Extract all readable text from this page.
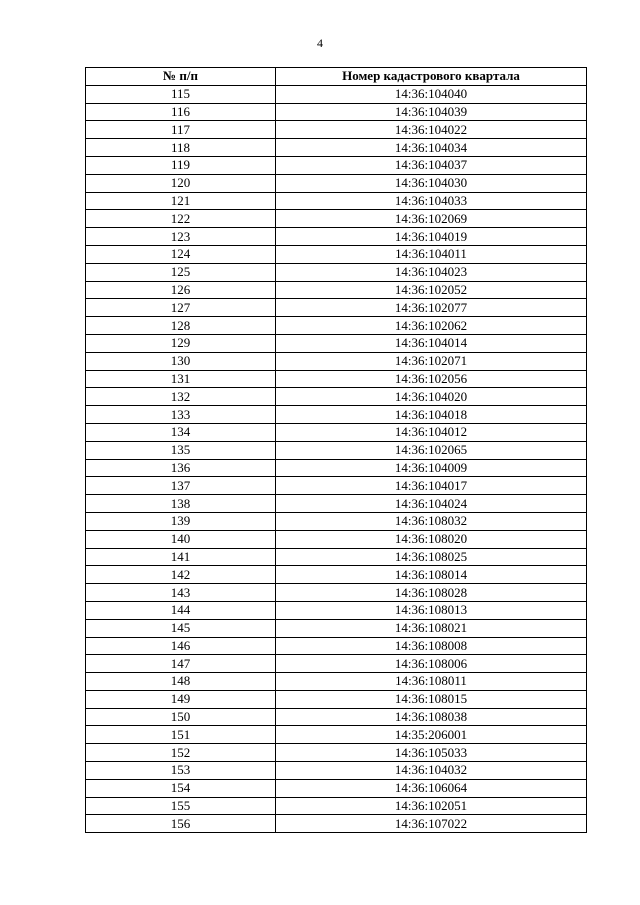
4
№ п/п	Номер кадастрового квартала
115	14:36:104040
116	14:36:104039
117	14:36:104022
118	14:36:104034
119	14:36:104037
120	14:36:104030
121	14:36:104033
122	14:36:102069
123	14:36:104019
124	14:36:104011
125	14:36:104023
126	14:36:102052
127	14:36:102077
128	14:36:102062
129	14:36:104014
130	14:36:102071
131	14:36:102056
132	14:36:104020
133	14:36:104018
134	14:36:104012
135	14:36:102065
136	14:36:104009
137	14:36:104017
138	14:36:104024
139	14:36:108032
140	14:36:108020
141	14:36:108025
142	14:36:108014
143	14:36:108028
144	14:36:108013
145	14:36:108021
146	14:36:108008
147	14:36:108006
148	14:36:108011
149	14:36:108015
150	14:36:108038
151	14:35:206001
152	14:36:105033
153	14:36:104032
154	14:36:106064
155	14:36:102051
156	14:36:107022
